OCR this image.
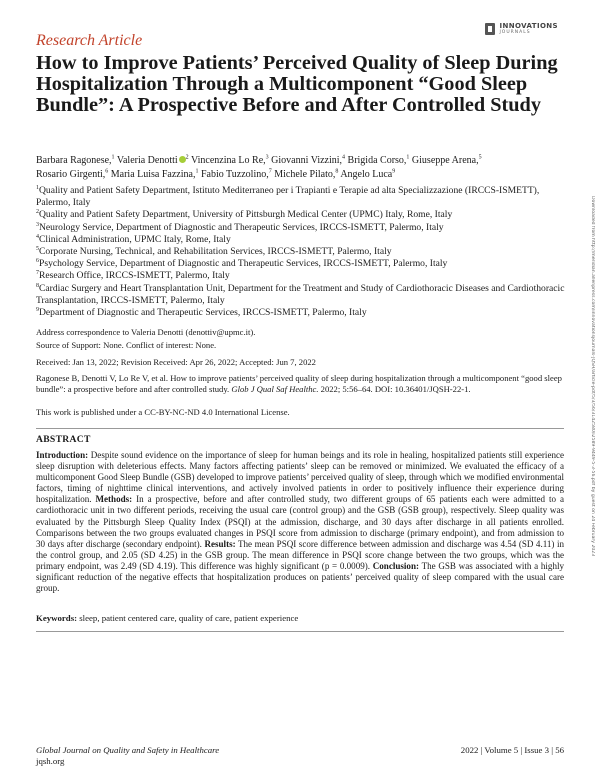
INNOVATIONS
JOURNALS
Research Article
How to Improve Patients’ Perceived Quality of Sleep During Hospitalization Through a Multicomponent “Good Sleep Bundle”: A Prospective Before and After Controlled Study

Barbara Ragonese,$^1$ Valeria Denotti $^2$ Vincenzina Lo Re,$^3$ Giovanni Vizzini,$^4$ Brigida Corso,$^1$ Giuseppe Arena,$^5$
Rosario Girgenti,$^6$ Maria Luisa Fazzina,$^1$ Fabio Tuzzolino,$^7$ Michele Pilato,$^8$ Angelo Luca$^9$

$^1$Quality and Patient Safety Department, Istituto Mediterraneo per i Trapianti e Terapie ad alta Specializzazione (IRCCS-ISMETT), Palermo, Italy
$^2$Quality and Patient Safety Department, University of Pittsburgh Medical Center (UPMC) Italy, Rome, Italy
$^3$Neurology Service, Department of Diagnostic and Therapeutic Services, IRCCS-ISMETT, Palermo, Italy
$^4$Clinical Administration, UPMC Italy, Rome, Italy
$^5$Corporate Nursing, Technical, and Rehabilitation Services, IRCCS-ISMETT, Palermo, Italy
$^6$Psychology Service, Department of Diagnostic and Therapeutic Services, IRCCS-ISMETT, Palermo, Italy
$^7$Research Office, IRCCS-ISMETT, Palermo, Italy
$^8$Cardiac Surgery and Heart Transplantation Unit, Department for the Treatment and Study of Cardiothoracic Diseases and Cardiothoracic Transplantation, IRCCS-ISMETT, Palermo, Italy
$^9$Department of Diagnostic and Therapeutic Services, IRCCS-ISMETT, Palermo, Italy

Address correspondence to Valeria Denotti (denottiv@upmc.it).

Source of Support: None. Conflict of interest: None.

Received: Jan 13, 2022; Revision Received: Apr 26, 2022; Accepted: Jun 7, 2022

Ragonese B, Denotti V, Lo Re V, et al. How to improve patients’ perceived quality of sleep during hospitalization through a multicomponent “good sleep bundle”: a prospective before and after controlled study. Glob J Qual Saf Healthc. 2022; 5:56–64. DOI: 10.36401/JQSH-22-1.

This work is published under a CC-BY-NC-ND 4.0 International License.

ABSTRACT

Introduction: Despite sound evidence on the importance of sleep for human beings and its role in healing, hospitalized patients still experience sleep disruption with deleterious effects. Many factors affecting patients’ sleep can be removed or minimized. We evaluated the efficacy of a multicomponent Good Sleep Bundle (GSB) developed to improve patients’ perceived quality of sleep, through which we modified environmental factors, timing of nighttime clinical interventions, and actively involved patients in order to positively influence their experience during hospitalization. Methods: In a prospective, before and after controlled study, two different groups of 65 patients each were admitted to a cardiothoracic unit in two different periods, receiving the usual care (control group) and the GSB (GSB group), respectively. Sleep quality was evaluated by the Pittsburgh Sleep Quality Index (PSQI) at the admission, discharge, and 30 days after discharge in all patients enrolled. Comparisons between the two groups evaluated changes in PSQI score from admission to discharge (primary endpoint), and from admission to 30 days after discharge (secondary endpoint). Results: The mean PSQI score difference between admission and discharge was 4.54 (SD 4.11) in the control group, and 2.05 (SD 4.25) in the GSB group. The mean difference in PSQI score change between the two groups, which was the primary endpoint, was 2.49 (SD 4.19). This difference was highly significant (p = 0.0009). Conclusion: The GSB was associated with a highly significant reduction of the negative effects that hospitalization produces on patients’ perceived quality of sleep compared with the usual care group.

Keywords: sleep, patient centered care, quality of care, patient experience

Global Journal on Quality and Safety in Healthcare
jqsh.org
2022 | Volume 5 | Issue 3 | 56
Downloaded from http://meridian.allenpress.com/innovationsjournals-JQSH/article-pdf/5/3/56/3142580/i2589-9449-5-3-56.pdf by guest on 24 February 2023
